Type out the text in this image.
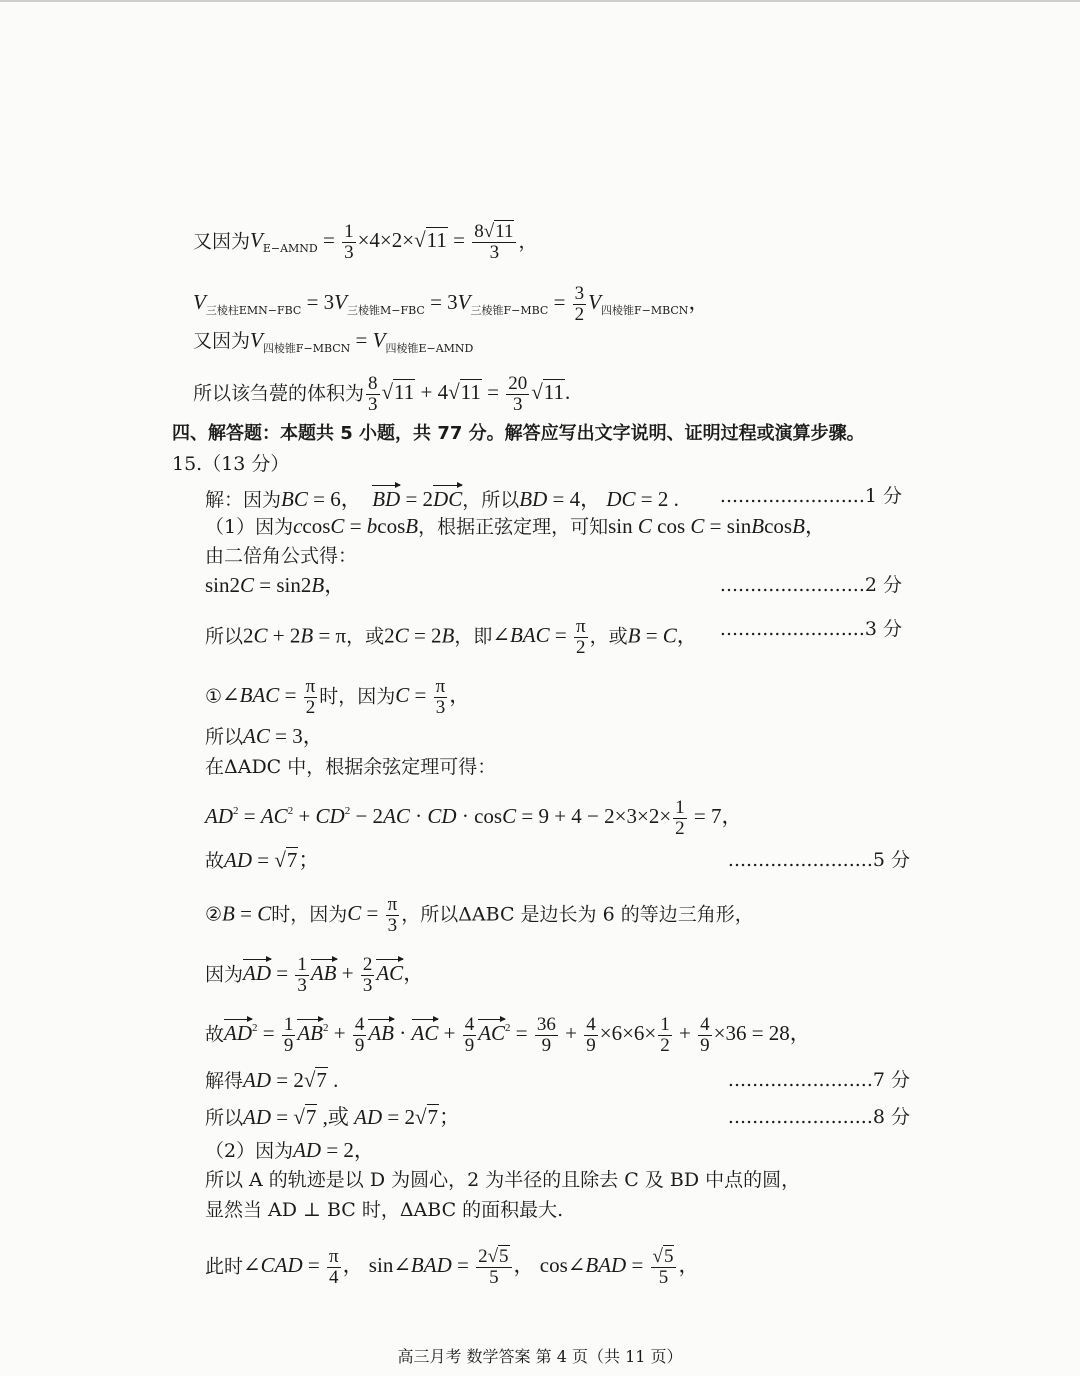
又因为$V_{E-AMND} = \frac{1}{3} \times 4\times 2\times√11 = \frac{8√11}{3}$ ，
$V_{三棱柱EMN-FBC} = 3V_{三棱锥M-FBC} = 3V_{三棱锥F-MBC} = \frac{3}{2} V_{四棱锥F-MBCN}$，
又因为$V_{四棱锥F-MBCN} = V_{四棱锥E-AMND}$
所以该刍甍的体积为 $\frac{8}{3} √11 + 4√11 = \frac{20}{3} √11$.
四、解答题：本题共 5 小题，共 77 分。解答应写出文字说明、证明过程或演算步骤。
15.（13 分）
解：因为BC = 6，  BD = 2DC，所以BD = 4， DC = 2 . ........................1 分
（1）因为ccosC = bcosB，根据正弦定理，可知sin C cos C = sinBcosB，
由二倍角公式得：
sin2C = sin2B，	........................2 分
所以2C + 2B = π，或2C = 2B，即∠BAC = $\frac{\pi}{2}$ ，或B = C， ........................3 分
①∠BAC = $\frac{\pi}{2}$ 时，因为$C = \frac{\pi}{3}$ ，
所以AC = 3，
在ΔADC 中，根据余弦定理可得：
$AD^2 = AC^2 + CD^2 - 2AC$ · CD · $\cos C = 9 + 4 - 2\times 3\times 2\times \frac{1}{2} = 7$，
故AD = √7；	........................5 分
②B = C时，因为$C = \frac{\pi}{3}$ ，所以ΔABC 是边长为 6 的等边三角形，
因为AD = $\frac{1}{3}$ AB + $\frac{2}{3}$ AC，
故$AD^2 = \frac{1}{9} AB^2 + \frac{4}{9}$ AB · AC + $\frac{4}{9} AC^2 = \frac{36}{9} + \frac{4}{9} \times 6\times 6\times \frac{1}{2} + \frac{4}{9} \times 36 = 28$，
解得AD = 2√7 .	........................7 分
所以AD = √7 ,或 AD = 2√7；	........................8 分
（2）因为AD = 2，
所以 A 的轨迹是以 D 为圆心，2 为半径的且除去 C 及 BD 中点的圆，
显然当 AD ⊥ BC 时，ΔABC 的面积最大.
此时∠CAD = $\frac{\pi}{4}$ ， sin∠BAD = $\frac{2√5}{5}$ ， cos∠BAD = $\frac{√5}{5}$ ，
高三月考 数学答案 第 4 页（共 11 页）
